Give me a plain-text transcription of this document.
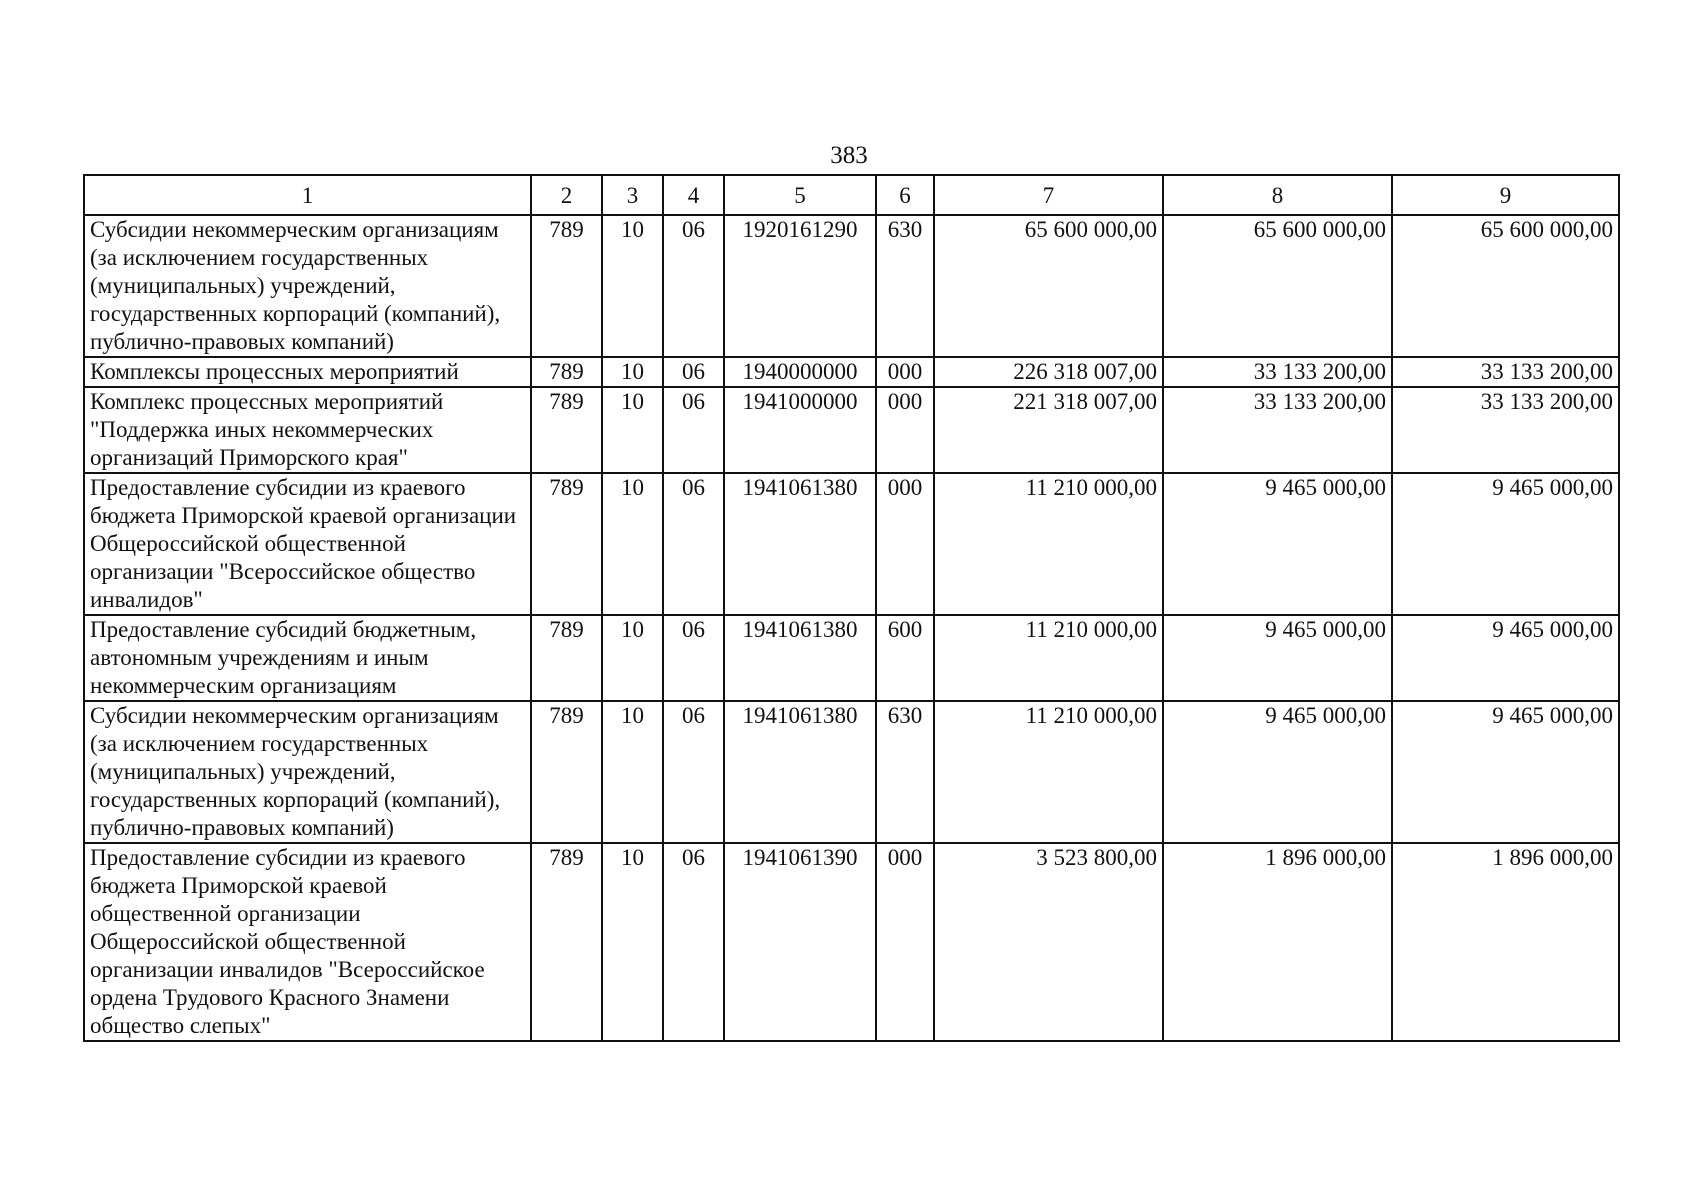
383
1	2	3	4	5	6	7	8	9
Субсидии некоммерческим организациям (за исключением государственных (муниципальных) учреждений, государственных корпораций (компаний), публично-правовых компаний)	789	10	06	1920161290	630	65 600 000,00	65 600 000,00	65 600 000,00
Комплексы процессных мероприятий	789	10	06	1940000000	000	226 318 007,00	33 133 200,00	33 133 200,00
Комплекс процессных мероприятий "Поддержка иных некоммерческих организаций Приморского края"	789	10	06	1941000000	000	221 318 007,00	33 133 200,00	33 133 200,00
Предоставление субсидии из краевого бюджета Приморской краевой организации Общероссийской общественной организации "Всероссийское общество инвалидов"	789	10	06	1941061380	000	11 210 000,00	9 465 000,00	9 465 000,00
Предоставление субсидий бюджетным, автономным учреждениям и иным некоммерческим организациям	789	10	06	1941061380	600	11 210 000,00	9 465 000,00	9 465 000,00
Субсидии некоммерческим организациям (за исключением государственных (муниципальных) учреждений, государственных корпораций (компаний), публично-правовых компаний)	789	10	06	1941061380	630	11 210 000,00	9 465 000,00	9 465 000,00
Предоставление субсидии из краевого бюджета Приморской краевой общественной организации Общероссийской общественной организации инвалидов "Всероссийское ордена Трудового Красного Знамени общество слепых"	789	10	06	1941061390	000	3 523 800,00	1 896 000,00	1 896 000,00
